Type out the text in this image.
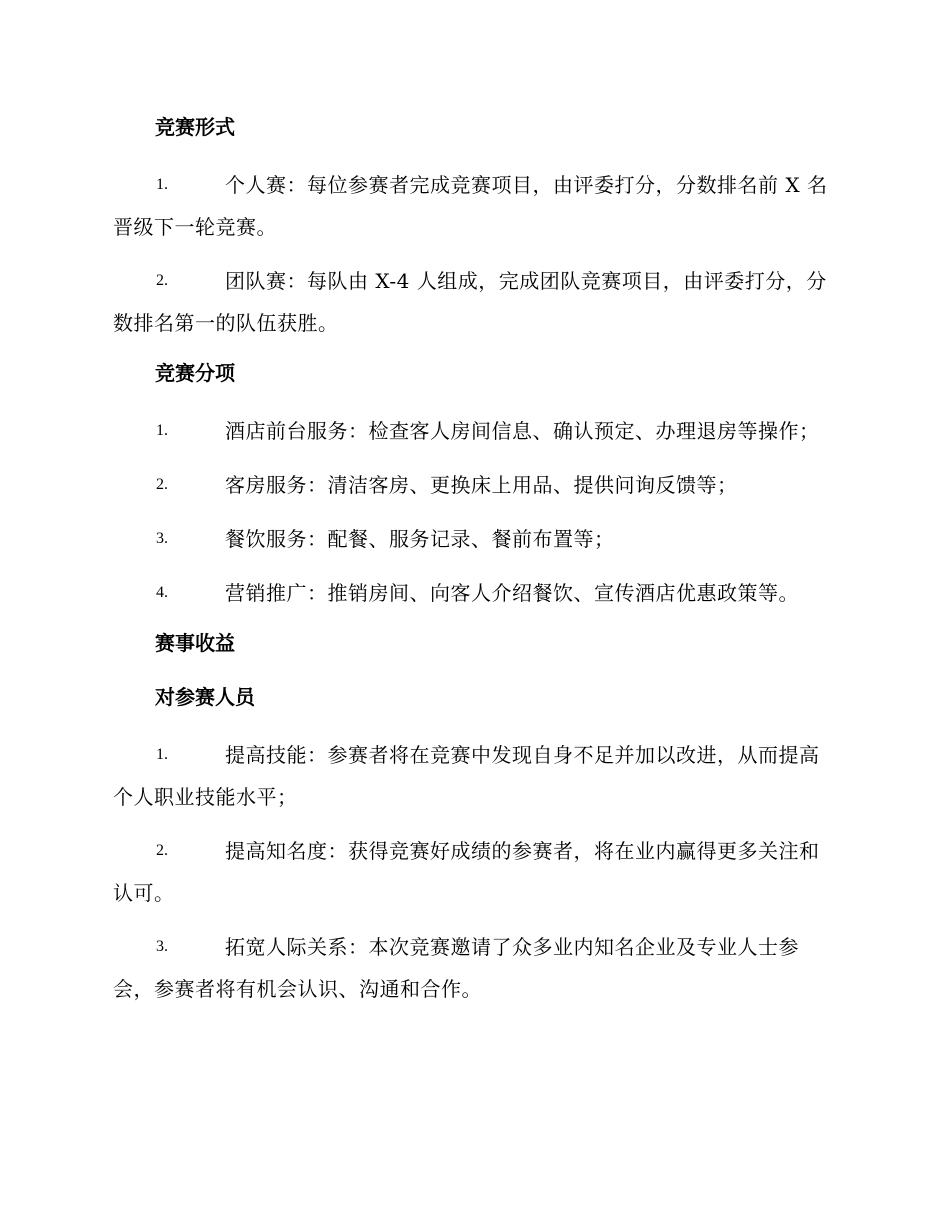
竞赛形式
1.	个人赛：每位参赛者完成竞赛项目，由评委打分，分数排名前 X 名晋级下一轮竞赛。
2.	团队赛：每队由 X-4 人组成，完成团队竞赛项目，由评委打分，分数排名第一的队伍获胜。
竞赛分项
1.	酒店前台服务：检查客人房间信息、确认预定、办理退房等操作；
2.	客房服务：清洁客房、更换床上用品、提供问询反馈等；
3.	餐饮服务：配餐、服务记录、餐前布置等；
4.	营销推广：推销房间、向客人介绍餐饮、宣传酒店优惠政策等。
赛事收益
对参赛人员
1.	提高技能：参赛者将在竞赛中发现自身不足并加以改进，从而提高个人职业技能水平；
2.	提高知名度：获得竞赛好成绩的参赛者，将在业内赢得更多关注和认可。
3.	拓宽人际关系：本次竞赛邀请了众多业内知名企业及专业人士参会，参赛者将有机会认识、沟通和合作。
